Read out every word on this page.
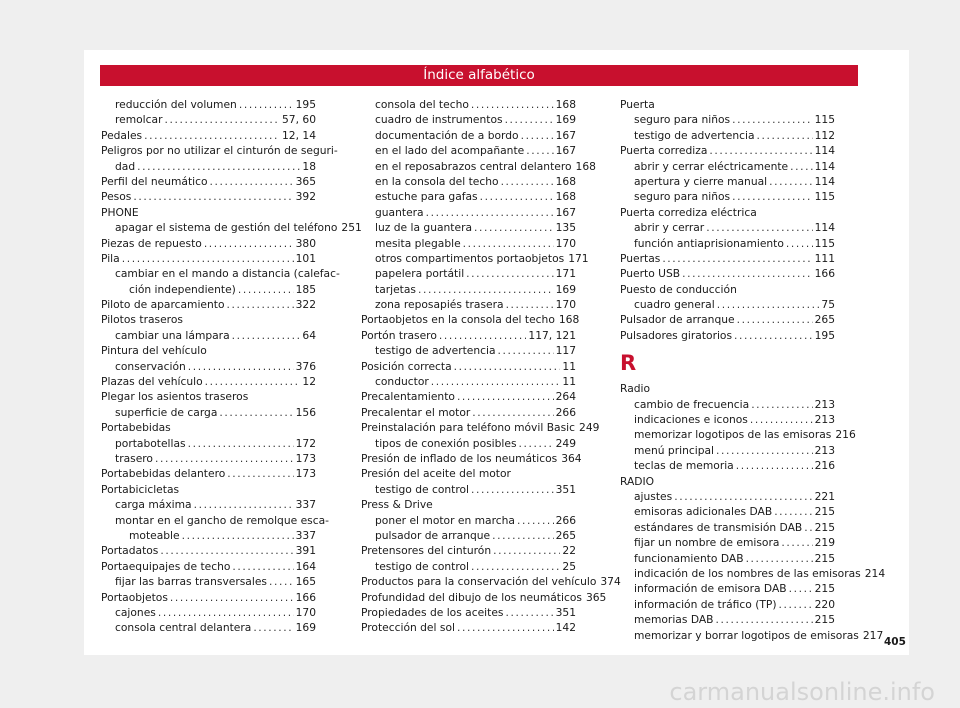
Índice alfabético
reducción del volumen .....	195
remolcar .....	57, 60
Pedales .....	12, 14
Peligros por no utilizar el cinturón de seguri-
dad .....	18
Perfil del neumático .....	365
Pesos .....	392
PHONE
apagar el sistema de gestión del teléfono 251
Piezas de repuesto .....	380
Pila .....	101
cambiar en el mando a distancia (calefac-
ción independiente) .....	185
Piloto de aparcamiento .....	322
Pilotos traseros
cambiar una lámpara .....	64
Pintura del vehículo
conservación .....	376
Plazas del vehículo .....	12
Plegar los asientos traseros
superficie de carga .....	156
Portabebidas
portabotellas .....	172
trasero .....	173
Portabebidas delantero .....	173
Portabicicletas
carga máxima .....	337
montar en el gancho de remolque esca-
moteable .....	337
Portadatos .....	391
Portaequipajes de techo .....	164
fijar las barras transversales .....	165
Portaobjetos .....	166
cajones .....	170
consola central delantera .....	169
consola del techo .....	168
cuadro de instrumentos .....	169
documentación de a bordo .....	167
en el lado del acompañante .....	167
en el reposabrazos central delantero 168
en la consola del techo .....	168
estuche para gafas .....	168
guantera .....	167
luz de la guantera .....	135
mesita plegable .....	170
otros compartimentos portaobjetos 171
papelera portátil .....	171
tarjetas .....	169
zona reposapiés trasera .....	170
Portaobjetos en la consola del techo 168
Portón trasero .....	117, 121
testigo de advertencia .....	117
Posición correcta .....	11
conductor .....	11
Precalentamiento .....	264
Precalentar el motor .....	266
Preinstalación para teléfono móvil Basic 249
tipos de conexión posibles .....	249
Presión de inflado de los neumáticos 364
Presión del aceite del motor
testigo de control .....	351
Press & Drive
poner el motor en marcha .....	266
pulsador de arranque .....	265
Pretensores del cinturón .....	22
testigo de control .....	25
Productos para la conservación del vehículo 374
Profundidad del dibujo de los neumáticos 365
Propiedades de los aceites .....	351
Protección del sol .....	142
Puerta
seguro para niños .....	115
testigo de advertencia .....	112
Puerta corrediza .....	114
abrir y cerrar eléctricamente ..... 114
apertura y cierre manual .....	114
seguro para niños .....	115
Puerta corrediza eléctrica
abrir y cerrar .....	114
función antiaprisionamiento .....	115
Puertas .....	111
Puerto USB .....	166
Puesto de conducción
cuadro general .....	75
Pulsador de arranque .....	265
Pulsadores giratorios .....	195
R
Radio
cambio de frecuencia .....	213
indicaciones e iconos .....	213
memorizar logotipos de las emisoras 216
menú principal .....	213
teclas de memoria .....	216
RADIO
ajustes .....	221
emisoras adicionales DAB .....	215
estándares de transmisión DAB ..... 215
fijar un nombre de emisora .....	219
funcionamiento DAB .....	215
indicación de los nombres de las emisoras 214
información de emisora DAB .....	215
información de tráfico (TP) .....	220
memorias DAB .....	215
memorizar y borrar logotipos de emisoras 217
405
carmanualsonline.info
